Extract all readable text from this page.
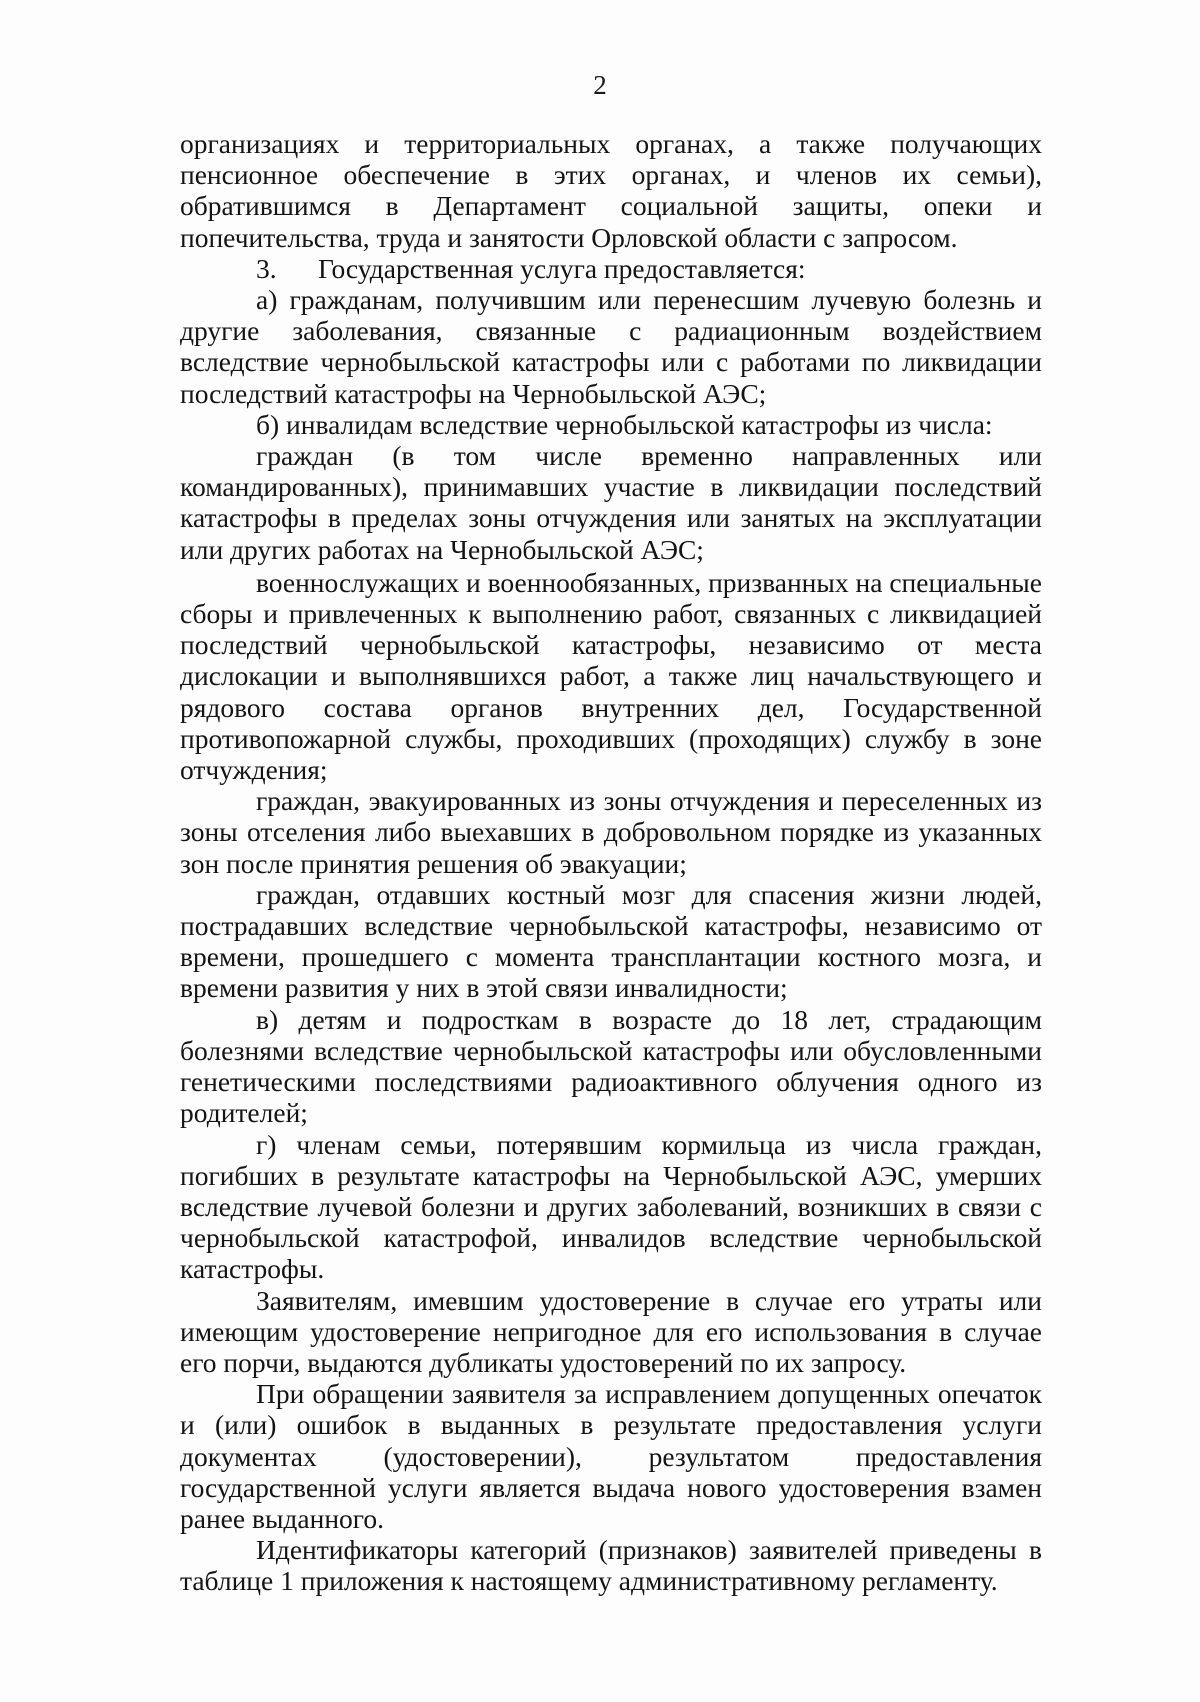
2

организациях и территориальных органах, а также получающих пенсионное обеспечение в этих органах, и членов их семьи), обратившимся в Департамент социальной защиты, опеки и попечительства, труда и занятости Орловской области с запросом.

3. Государственная услуга предоставляется:

а) гражданам, получившим или перенесшим лучевую болезнь и другие заболевания, связанные с радиационным воздействием вследствие чернобыльской катастрофы или с работами по ликвидации последствий катастрофы на Чернобыльской АЭС;

б) инвалидам вследствие чернобыльской катастрофы из числа:

граждан (в том числе временно направленных или командированных), принимавших участие в ликвидации последствий катастрофы в пределах зоны отчуждения или занятых на эксплуатации или других работах на Чернобыльской АЭС;

военнослужащих и военнообязанных, призванных на специальные сборы и привлеченных к выполнению работ, связанных с ликвидацией последствий чернобыльской катастрофы, независимо от места дислокации и выполнявшихся работ, а также лиц начальствующего и рядового состава органов внутренних дел, Государственной противопожарной службы, проходивших (проходящих) службу в зоне отчуждения;

граждан, эвакуированных из зоны отчуждения и переселенных из зоны отселения либо выехавших в добровольном порядке из указанных зон после принятия решения об эвакуации;

граждан, отдавших костный мозг для спасения жизни людей, пострадавших вследствие чернобыльской катастрофы, независимо от времени, прошедшего с момента трансплантации костного мозга, и времени развития у них в этой связи инвалидности;

в) детям и подросткам в возрасте до 18 лет, страдающим болезнями вследствие чернобыльской катастрофы или обусловленными генетическими последствиями радиоактивного облучения одного из родителей;

г) членам семьи, потерявшим кормильца из числа граждан, погибших в результате катастрофы на Чернобыльской АЭС, умерших вследствие лучевой болезни и других заболеваний, возникших в связи с чернобыльской катастрофой, инвалидов вследствие чернобыльской катастрофы.

Заявителям, имевшим удостоверение в случае его утраты или имеющим удостоверение непригодное для его использования в случае его порчи, выдаются дубликаты удостоверений по их запросу.

При обращении заявителя за исправлением допущенных опечаток и (или) ошибок в выданных в результате предоставления услуги документах (удостоверении), результатом предоставления государственной услуги является выдача нового удостоверения взамен ранее выданного.

Идентификаторы категорий (признаков) заявителей приведены в таблице 1 приложения к настоящему административному регламенту.
